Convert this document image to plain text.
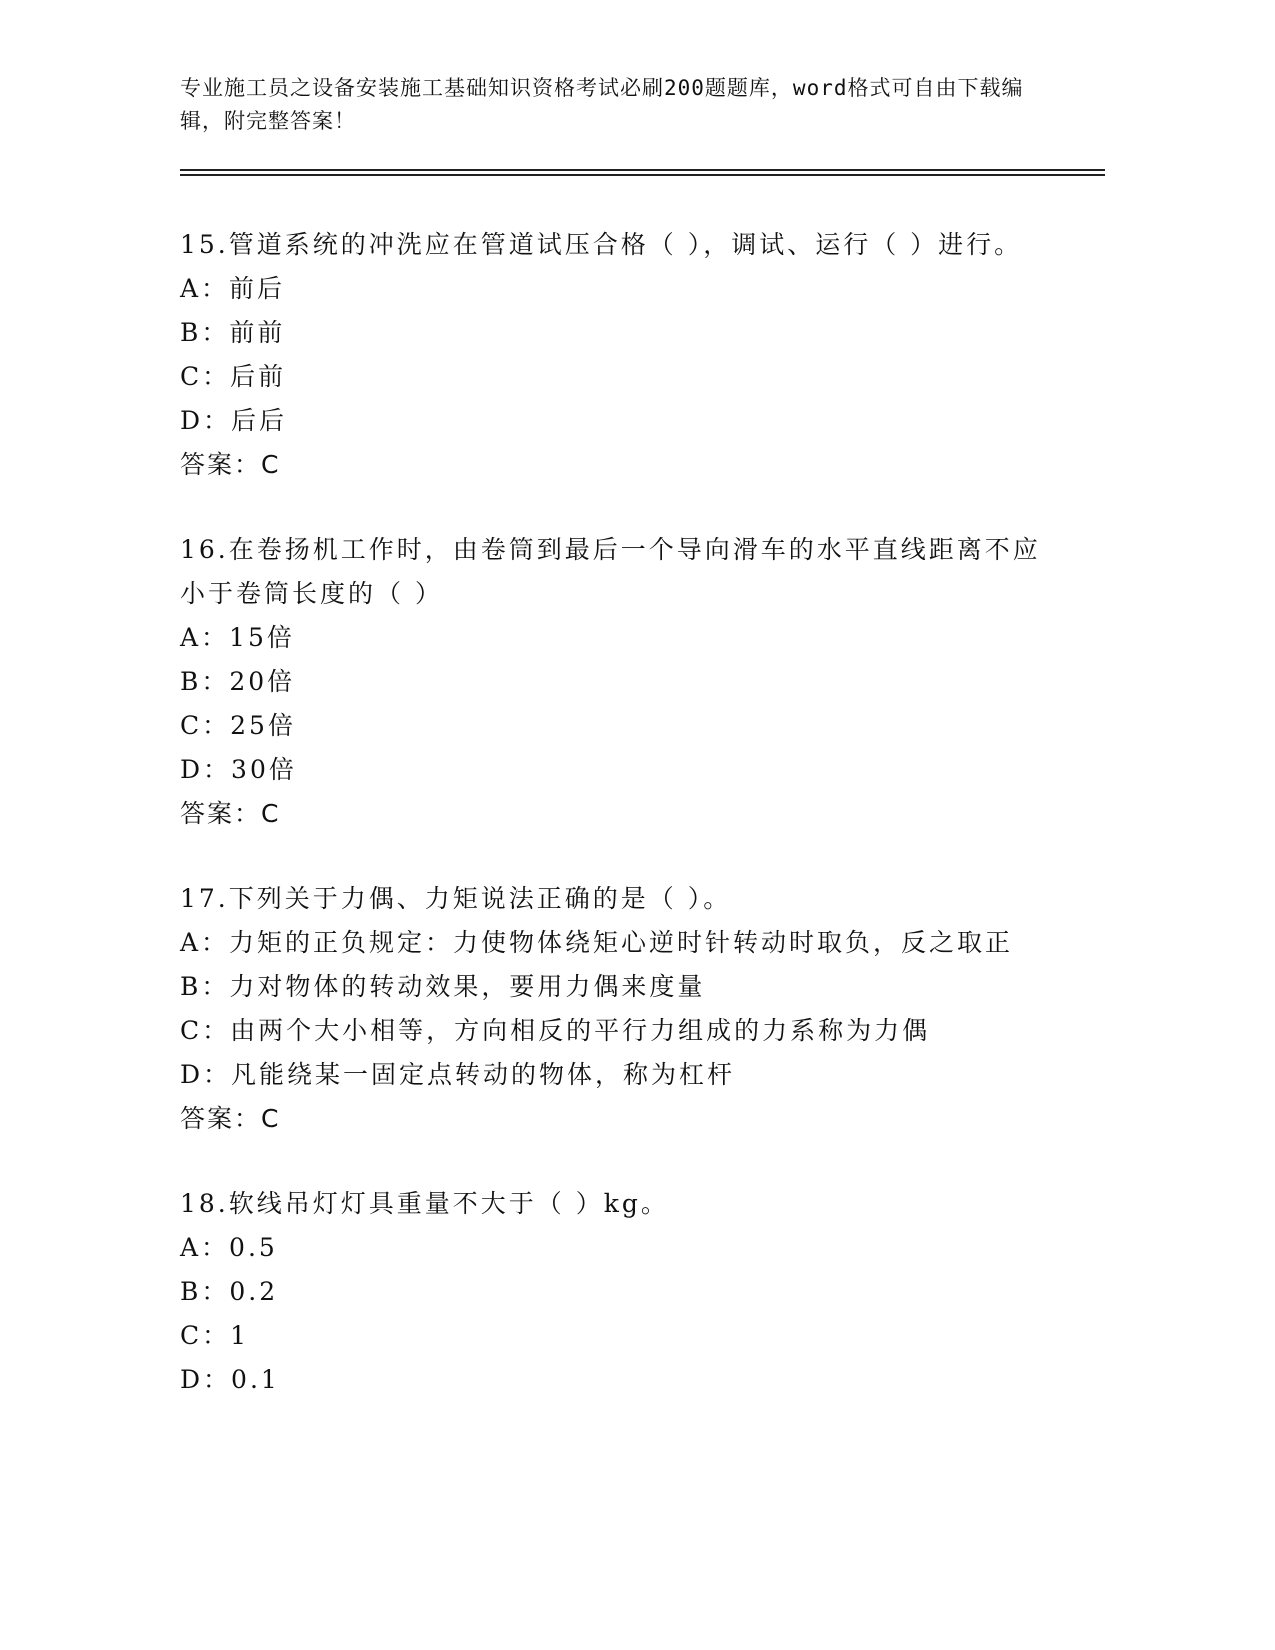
专业施工员之设备安装施工基础知识资格考试必刷200题题库，word格式可自由下载编辑，附完整答案！
15.管道系统的冲洗应在管道试压合格（ ），调试、运行（ ）进行。
A：前后
B：前前
C：后前
D：后后
答案：C
16.在卷扬机工作时，由卷筒到最后一个导向滑车的水平直线距离不应小于卷筒长度的（ ）
A：15倍
B：20倍
C：25倍
D：30倍
答案：C
17.下列关于力偶、力矩说法正确的是（ ）。
A：力矩的正负规定：力使物体绕矩心逆时针转动时取负，反之取正
B：力对物体的转动效果，要用力偶来度量
C：由两个大小相等，方向相反的平行力组成的力系称为力偶
D：凡能绕某一固定点转动的物体，称为杠杆
答案：C
18.软线吊灯灯具重量不大于（ ）kg。
A：0.5
B：0.2
C：1
D：0.1
